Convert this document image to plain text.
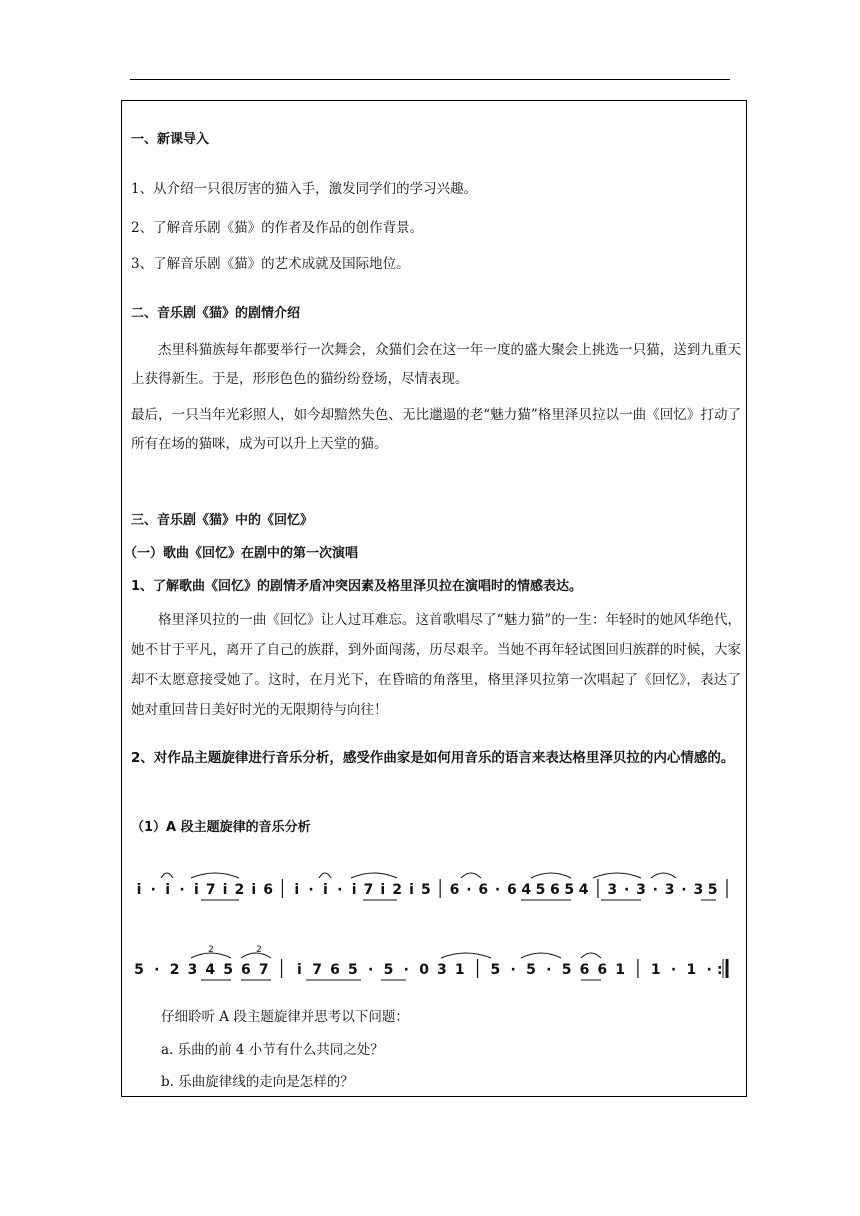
一、新课导入
1、从介绍一只很厉害的猫入手，激发同学们的学习兴趣。
2、了解音乐剧《猫》的作者及作品的创作背景。
3、了解音乐剧《猫》的艺术成就及国际地位。
二、音乐剧《猫》的剧情介绍
杰里科猫族每年都要举行一次舞会，众猫们会在这一年一度的盛大聚会上挑选一只猫，送到九重天上获得新生。于是，形形色色的猫纷纷登场，尽情表现。
最后，一只当年光彩照人，如今却黯然失色、无比邋遢的老“魅力猫”格里泽贝拉以一曲《回忆》打动了所有在场的猫咪，成为可以升上天堂的猫。
三、音乐剧《猫》中的《回忆》
（一）歌曲《回忆》在剧中的第一次演唱
1、了解歌曲《回忆》的剧情矛盾冲突因素及格里泽贝拉在演唱时的情感表达。
格里泽贝拉的一曲《回忆》让人过耳难忘。这首歌唱尽了“魅力猫”的一生：年轻时的她风华绝代，她不甘于平凡，离开了自己的族群，到外面闯荡，历尽艰辛。当她不再年轻试图回归族群的时候，大家却不太愿意接受她了。这时，在月光下，在昏暗的角落里，格里泽贝拉第一次唱起了《回忆》，表达了她对重回昔日美好时光的无限期待与向往！
2、对作品主题旋律进行音乐分析，感受作曲家是如何用音乐的语言来表达格里泽贝拉的内心情感的。
（1）A 段主题旋律的音乐分析
i · i · i 7 i 2 i 6 i · i · i 7 i 2 i 5 6 · 6 · 6 4 5 6 5 4 3 · 3 · 3 · 3 5
5 · 2 3 4 5 6 7 i 7 6 5 · 5 · 0 3 1 5 · 5 · 5 6 6 1 1 · 1 · :
2	2
仔细聆听 A 段主题旋律并思考以下问题：
a. 乐曲的前 4 小节有什么共同之处？
b. 乐曲旋律线的走向是怎样的？
